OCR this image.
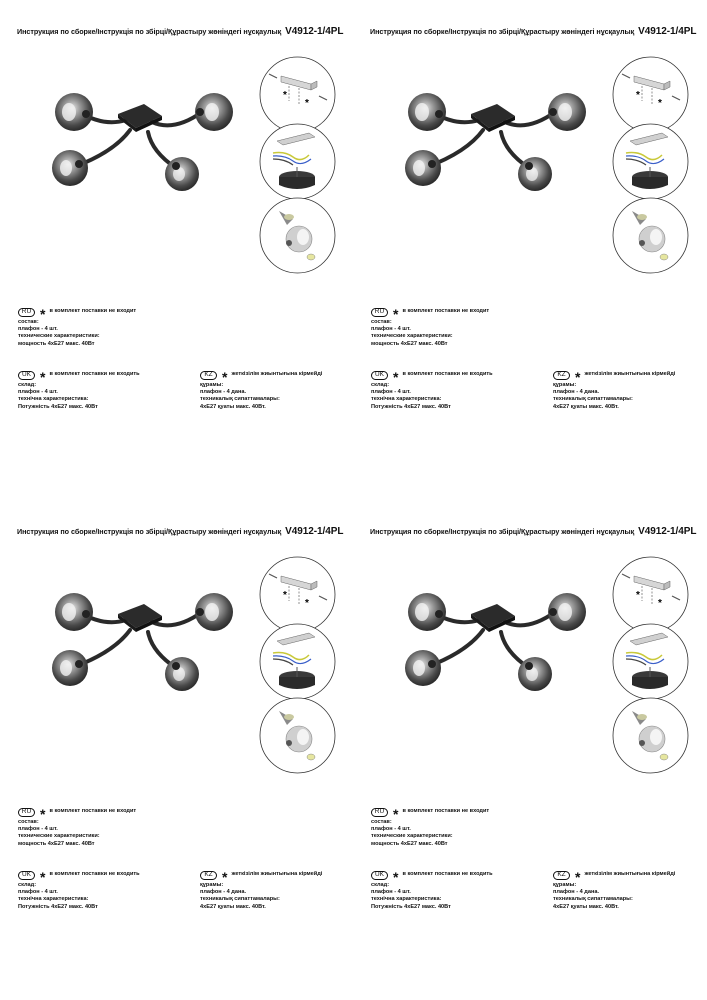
Инструкция по сборке/Інструкція по збірці/Құрастыру жөніндегі нұсқаулық V4912-1/4PL
*
*
RU * в комплект поставки не входит
состав:
плафон - 4 шт.
технические характеристики:
мощность 4хЕ27 макс. 40Вт
UK * в комплект поставки не входить
склад:
плафон - 4 шт.
технічна характеристика:
Потужність 4хЕ27 макс. 40Вт
KZ * жеткізілім жиынтығына кірмейді
құрамы:
плафон - 4 дана.
техникалық сипаттамалары:
4хЕ27 қуаты макс. 40Вт.
Инструкция по сборке/Інструкція по збірці/Құрастыру жөніндегі нұсқаулық V4912-1/4PL
*
*
RU * в комплект поставки не входит
состав:
плафон - 4 шт.
технические характеристики:
мощность 4хЕ27 макс. 40Вт
UK * в комплект поставки не входить
склад:
плафон - 4 шт.
технічна характеристика:
Потужність 4хЕ27 макс. 40Вт
KZ * жеткізілім жиынтығына кірмейді
құрамы:
плафон - 4 дана.
техникалық сипаттамалары:
4хЕ27 қуаты макс. 40Вт.
Инструкция по сборке/Інструкція по збірці/Құрастыру жөніндегі нұсқаулық V4912-1/4PL
*
*
RU * в комплект поставки не входит
состав:
плафон - 4 шт.
технические характеристики:
мощность 4хЕ27 макс. 40Вт
UK * в комплект поставки не входить
склад:
плафон - 4 шт.
технічна характеристика:
Потужність 4хЕ27 макс. 40Вт
KZ * жеткізілім жиынтығына кірмейді
құрамы:
плафон - 4 дана.
техникалық сипаттамалары:
4хЕ27 қуаты макс. 40Вт.
Инструкция по сборке/Інструкція по збірці/Құрастыру жөніндегі нұсқаулық V4912-1/4PL
*
*
RU * в комплект поставки не входит
состав:
плафон - 4 шт.
технические характеристики:
мощность 4хЕ27 макс. 40Вт
UK * в комплект поставки не входить
склад:
плафон - 4 шт.
технічна характеристика:
Потужність 4хЕ27 макс. 40Вт
KZ * жеткізілім жиынтығына кірмейді
құрамы:
плафон - 4 дана.
техникалық сипаттамалары:
4хЕ27 қуаты макс. 40Вт.
